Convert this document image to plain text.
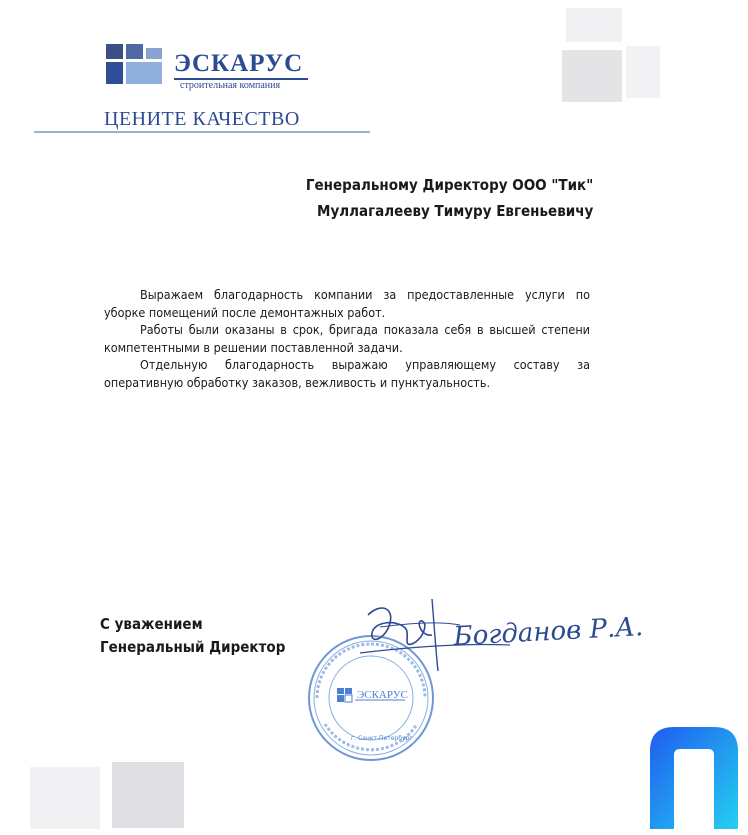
ЭСКАРУС
строительная компания
ЦЕНИТЕ КАЧЕСТВО
Генеральному Директору ООО "Тик"
Муллагалееву Тимуру Евгеньевичу

Выражаем благодарность компании за предоставленные услуги по уборке помещений после демонтажных работ.

Работы были оказаны в срок, бригада показала себя в высшей степени компетентными в решении поставленной задачи.

Отдельную благодарность выражаю управляющему составу за оперативную обработку заказов, вежливость и пунктуальность.

С уважением
Генеральный Директор
ЭСКАРУС
г. Санкт-Петербург
Богданов Р.А.
